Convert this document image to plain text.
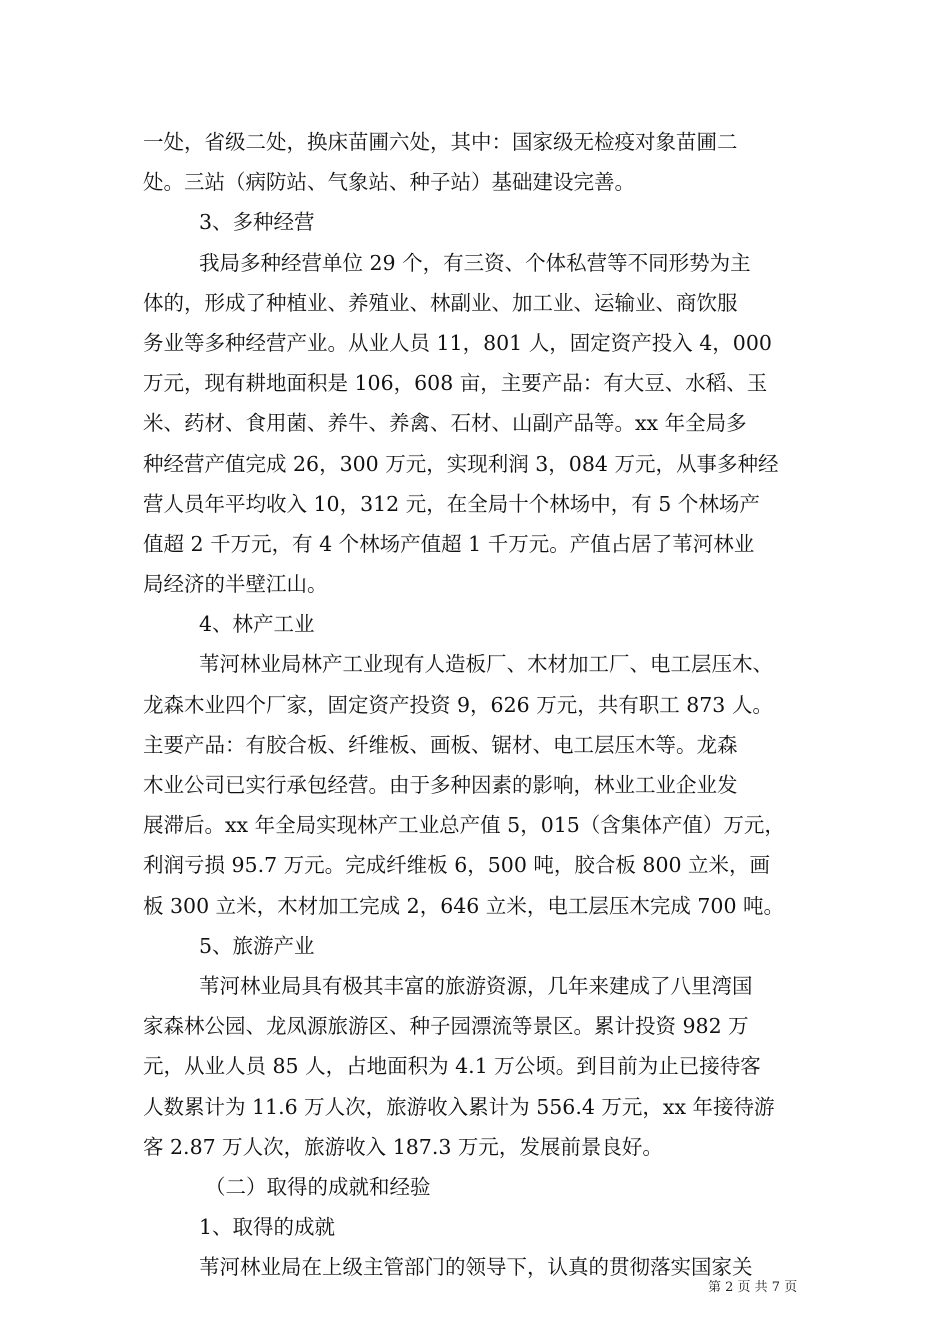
一处，省级二处，换床苗圃六处，其中：国家级无检疫对象苗圃二
处。三站（病防站、气象站、种子站）基础建设完善。
3、多种经营
我局多种经营单位 29 个，有三资、个体私营等不同形势为主
体的，形成了种植业、养殖业、林副业、加工业、运输业、商饮服
务业等多种经营产业。从业人员 11，801 人，固定资产投入 4，000
万元，现有耕地面积是 106，608 亩，主要产品：有大豆、水稻、玉
米、药材、食用菌、养牛、养禽、石材、山副产品等。xx 年全局多
种经营产值完成 26，300 万元，实现利润 3，084 万元，从事多种经
营人员年平均收入 10，312 元，在全局十个林场中，有 5 个林场产
值超 2 千万元，有 4 个林场产值超 1 千万元。产值占居了苇河林业
局经济的半壁江山。
4、林产工业
苇河林业局林产工业现有人造板厂、木材加工厂、电工层压木、
龙森木业四个厂家，固定资产投资 9，626 万元，共有职工 873 人。
主要产品：有胶合板、纤维板、画板、锯材、电工层压木等。龙森
木业公司已实行承包经营。由于多种因素的影响，林业工业企业发
展滞后。xx 年全局实现林产工业总产值 5，015（含集体产值）万元，
利润亏损 95.7 万元。完成纤维板 6，500 吨，胶合板 800 立米，画
板 300 立米，木材加工完成 2，646 立米，电工层压木完成 700 吨。
5、旅游产业
苇河林业局具有极其丰富的旅游资源，几年来建成了八里湾国
家森林公园、龙凤源旅游区、种子园漂流等景区。累计投资 982 万
元，从业人员 85 人，占地面积为 4.1 万公顷。到目前为止已接待客
人数累计为 11.6 万人次，旅游收入累计为 556.4 万元，xx 年接待游
客 2.87 万人次，旅游收入 187.3 万元，发展前景良好。
（二）取得的成就和经验
1、取得的成就
苇河林业局在上级主管部门的领导下，认真的贯彻落实国家关
第 2 页 共 7 页
